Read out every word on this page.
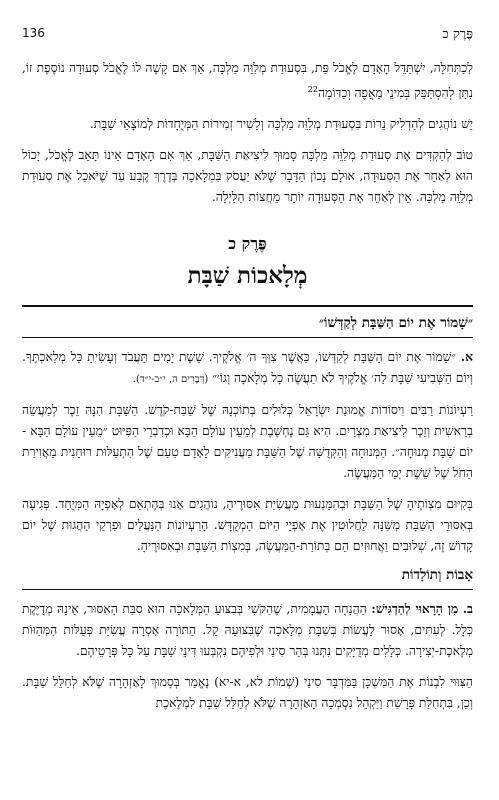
136	פֶּרֶק כ

לְכַתְּחִלָּה, יִשְׁתַּדֵּל הָאָדָם לֶאֱכֹל פַּת, בִּסְעוּדַת מְלַוֵּה מַלְכָּה, אַךְ אִם קָשֶׁה לוֹ לֶאֱכֹל סְעוּדָה נוֹסֶפֶת זוֹ, נִתָּן לְהִסְתַּפֵּק בְּמִינֵי מַאֲפֶה וְכַדּוֹמֶה$^{22}$

יֵשׁ נוֹהֲגִים לְהַדְלִיק נֵרוֹת בִּסְעוּדַת מְלַוֵּה מַלְכָּה וְלָשִׁיר זְמִירוֹת הַמְּיֻחָדוֹת לְמוֹצָאֵי שַׁבָּת.

טוֹב לְהַקְדִּים אֶת סְעוּדַת מְלַוֵּה מַלְכָּה סָמוּךְ לִיצִיאַת הַשַּׁבָּת, אַךְ אִם הָאָדָם אֵינוֹ תָּאֵב לֶאֱכֹל, יָכוֹל הוּא לְאַחֵר אֶת הַסְּעוּדָה, אוּלָם נָכוֹן הַדָּבָר שֶׁלֹּא יַעֲסֹק בִּמְלָאכָה בְּדֶרֶךְ קֶבַע עַד שֶׁיֹּאכַל אֶת סְעוּדַת מְלַוֵּה מַלְכָּה. אֵין לְאַחֵר אֶת הַסְּעוּדָה יוֹתֵר מֵחֲצוֹת הַלַּיְלָה.

פֶּרֶק כ
מְלָאכוֹת שַׁבָּת
״שָׁמוֹר אֶת יוֹם הַשַּׁבָּת לְקַדְּשׁוֹ״

א. ״שָׁמוֹר אֶת יוֹם הַשַּׁבָּת לְקַדְּשׁוֹ, כַּאֲשֶׁר צִוְּךָ ה׳ אֱלֹקֶיךָ. שֵׁשֶׁת יָמִים תַּעֲבֹד וְעָשִׂיתָ כָּל מְלַאכְתֶּךָ. וְיוֹם הַשְּׁבִיעִי שַׁבָּת לַה׳ אֱלֹקֶיךָ לֹא תַעֲשֶׂה כָל מְלָאכָה וְגוֹ׳״ (דְּבָרִים ה, י״ב-י״ד).

רַעְיוֹנוֹת רַבִּים וִיסוֹדוֹת אֱמוּנַת יִשְׂרָאֵל כְּלוּלִים בְּתוֹכְנָהּ שֶׁל שַׁבַּת-קֹדֶשׁ. הַשַּׁבָּת הִנָּהּ זֵכֶר לְמַעֲשֵׂה בְרֵאשִׁית וְזֵכֶר לִיצִיאַת מִצְרַיִם. הִיא גַּם נֶחְשֶׁבֶת לְמֵעֵין עוֹלָם הַבָּא וּכְדִבְרֵי הַפִּיּוּט ״מֵעֵין עוֹלָם הַבָּא - יוֹם שַׁבָּת מְנוּחָה״. הַמְּנוּחָה וְהַקְּדֻשָּׁה שֶׁל הַשַּׁבָּת מַעֲנִיקִים לָאָדָם טַעַם שֶׁל הִתְעַלּוּת רוּחָנִית מֵאֲוִירַת הַחֹל שֶׁל שֵׁשֶׁת יְמֵי הַמַּעֲשֶׂה.

בְּקִיּוּם מִצְוֹתֶיהָ שֶׁל הַשַּׁבָּת וּבְהִמָּנְעוּת מֵעֲשִׂיַּת אִסּוּרֶיהָ, נוֹהֲגִים אָנוּ בְּהֶתְאֵם לְאָפְיָהּ הַמְּיֻחָד. פְּגִיעָה בְּאִסּוּרֵי הַשַּׁבָּת מְשַׁנָּה לַחֲלוּטִין אֶת אָפְיֵי הַיּוֹם הַמְקֻדָּשׁ. הָרַעְיוֹנוֹת הַנַּעֲלִים וּפִרְקֵי הַהֲגוּת שֶׁל יוֹם קָדוֹשׁ זֶה, שְׁלוּבִים וַאֲחוּזִים הֵם בְּתוֹרַת-הַמַּעֲשֶׂה, בְּמִצְוֹת הַשַּׁבָּת וּבְאִסּוּרֶיהָ.

אָבוֹת וְתוֹלָדוֹת

ב. מִן הָרָאוּי לְהַדְגִּישׁ: הַהֲנָחָה הָעֲמָמִית, שֶׁהַקֹּשִׁי בְּבִצּוּעַ הַמְּלָאכָה הוּא סִבַּת הָאִסּוּר, אֵינָהּ מְדֻיֶּקֶת כְּלָל. לְעִתִּים, אָסוּר לַעֲשׂוֹת בְּשַׁבָּת מְלָאכָה שֶׁבִּצּוּעָהּ קַל. הַתּוֹרָה אָסְרָה עֲשִׂיַּת פְּעֻלּוֹת הַמְּהַוּוֹת מְלֶאכֶת-יְצִירָה. כְּלָלִים מְדֻיָּקִים נִתְּנוּ בְּהַר סִינַי וּלְפִיהֶם נִקְבְּעוּ דִּינֵי שַׁבָּת עַל כָּל פְּרָטֵיהֶם.

הַצִּוּוּי לִבְנוֹת אֶת הַמִּשְׁכָּן בַּמִּדְבָּר סִינַי (שְׁמוֹת לא, א-יא) נֶאֱמַר בְּסָמוּךְ לָאַזְהָרָה שֶׁלֹּא לְחַלֵּל שַׁבָּת. וְכֵן, בִּתְחִלַּת פָּרָשַׁת וַיַּקְהֵל נִסְמְכָה הָאַזְהָרָה שֶׁלֹּא לְחַלֵּל שַׁבָּת לִמְלֶאכֶת
